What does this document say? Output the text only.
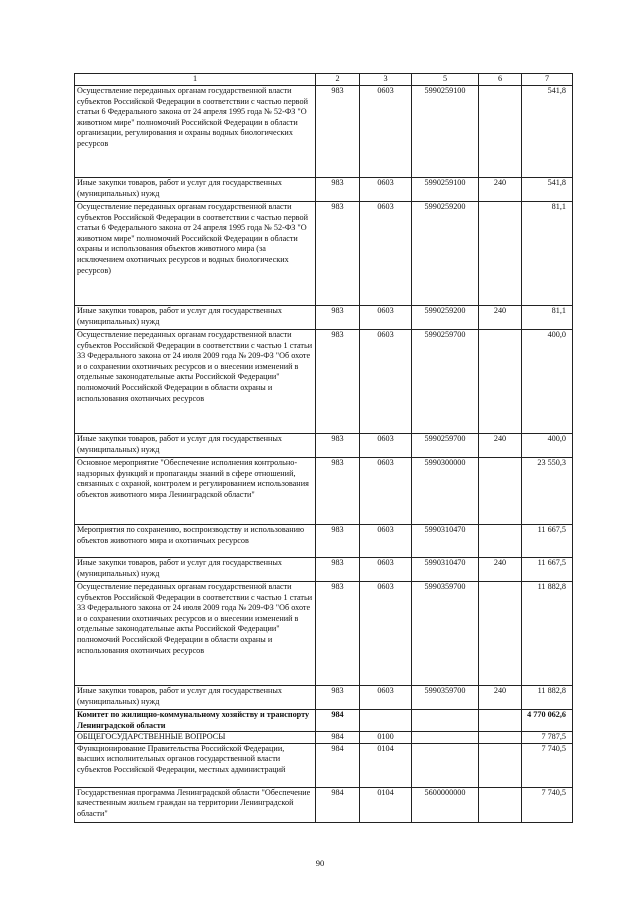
1	2	3	5	6	7
Осуществление переданных органам государственной власти субъектов Российской Федерации в соответствии с частью первой статьи 6 Федерального закона от 24 апреля 1995 года № 52-ФЗ "О животном мире" полномочий Российской Федерации в области организации, регулирования и охраны водных биологических ресурсов	983	0603	5990259100		541,8
Иные закупки товаров, работ и услуг для государственных (муниципальных) нужд	983	0603	5990259100	240	541,8
Осуществление переданных органам государственной власти субъектов Российской Федерации в соответствии с частью первой статьи 6 Федерального закона от 24 апреля 1995 года № 52-ФЗ "О животном мире" полномочий Российской Федерации в области охраны и использования объектов животного мира (за исключением охотничьих ресурсов и водных биологических ресурсов)	983	0603	5990259200		81,1
Иные закупки товаров, работ и услуг для государственных (муниципальных) нужд	983	0603	5990259200	240	81,1
Осуществление переданных органам государственной власти субъектов Российской Федерации в соответствии с частью 1 статьи 33 Федерального закона от 24 июля 2009 года № 209-ФЗ "Об охоте и о сохранении охотничьих ресурсов и о внесении изменений в отдельные законодательные акты Российской Федерации" полномочий Российской Федерации в области охраны и использования охотничьих ресурсов	983	0603	5990259700		400,0
Иные закупки товаров, работ и услуг для государственных (муниципальных) нужд	983	0603	5990259700	240	400,0
Основное мероприятие "Обеспечение исполнения контрольно-надзорных функций и пропаганды знаний в сфере отношений, связанных с охраной, контролем и регулированием использования объектов животного мира Ленинградской области"	983	0603	5990300000		23 550,3
Мероприятия по сохранению, воспроизводству и использованию объектов животного мира и охотничьих ресурсов	983	0603	5990310470		11 667,5
Иные закупки товаров, работ и услуг для государственных (муниципальных) нужд	983	0603	5990310470	240	11 667,5
Осуществление переданных органам государственной власти субъектов Российской Федерации в соответствии с частью 1 статьи 33 Федерального закона от 24 июля 2009 года № 209-ФЗ "Об охоте и о сохранении охотничьих ресурсов и о внесении изменений в отдельные законодательные акты Российской Федерации" полномочий Российской Федерации в области охраны и использования охотничьих ресурсов	983	0603	5990359700		11 882,8
Иные закупки товаров, работ и услуг для государственных (муниципальных) нужд	983	0603	5990359700	240	11 882,8
Комитет по жилищно-коммунальному хозяйству и транспорту Ленинградской области	984				4 770 062,6
ОБЩЕГОСУДАРСТВЕННЫЕ ВОПРОСЫ	984	0100			7 787,5
Функционирование Правительства Российской Федерации, высших исполнительных органов государственной власти субъектов Российской Федерации, местных администраций	984	0104			7 740,5
Государственная программа Ленинградской области "Обеспечение качественным жильем граждан на территории Ленинградской области"	984	0104	5600000000		7 740,5
90
